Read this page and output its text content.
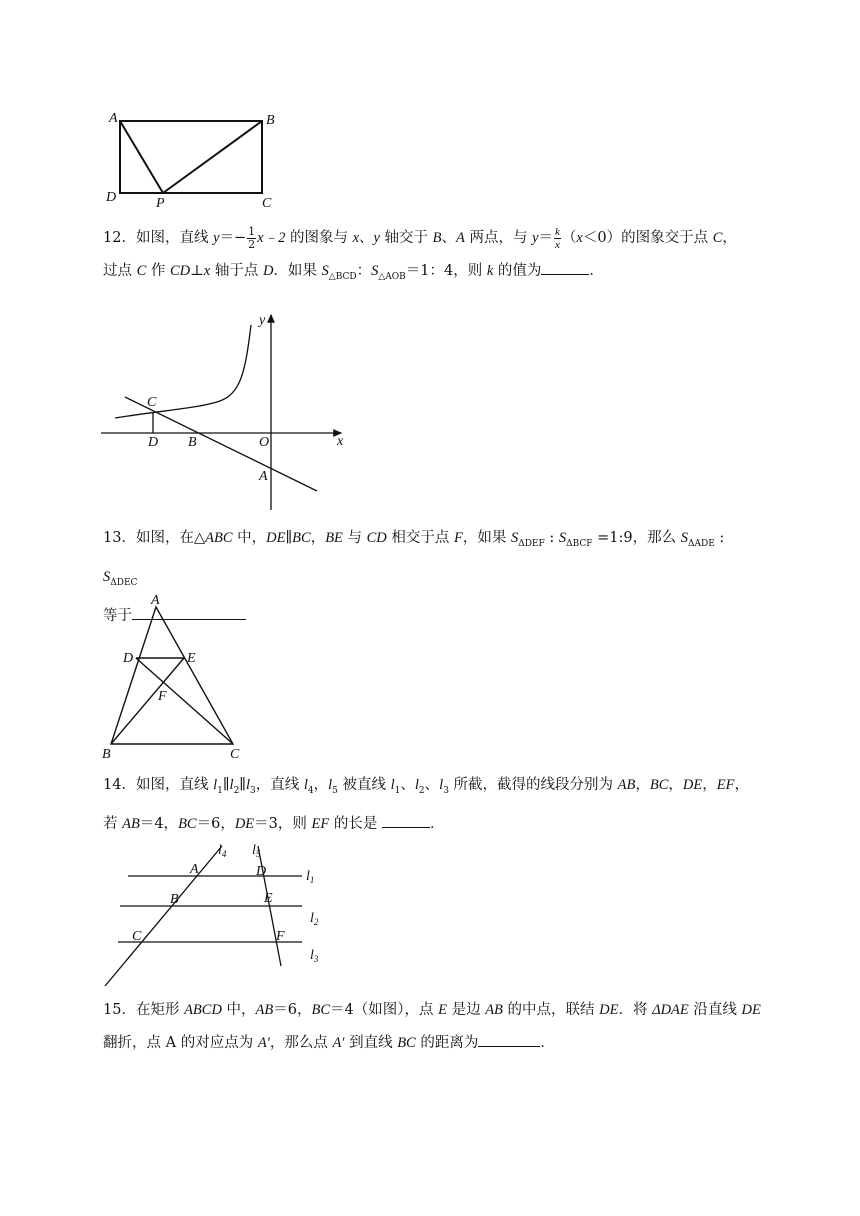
A	B
C
D	P
12．如图，直线 $y=- \frac{1}{2}$ x﹣2 的图象与 x、y 轴交于 B、A 两点，与 $y= \frac{k}{x} (x<0)$的图象交于点 C，
过点 C 作 CD⊥x 轴于点 D．如果 $S_{\triangle BCD}$：$S_{\triangle AOB}=1$：4，则 k 的值为	．
y
C
D B	O	x
A
13．如图，在△ABC 中，DE∥BC，BE 与 CD 相交于点 F，如果 $S_{\Delta DEF}$ : $S_{\Delta BCF}$ =1:9，那么 $S_{\Delta ADE}$ : $S_{\Delta DEC}$
等于
A
D	E
F
B	C
14．如图，直线 $l_1\parallel l_2\parallel l_3$，直线 $l_4$，$l_5$ 被直线 $l_1$、$l_2$、$l_3$ 所截，截得的线段分别为 AB，BC，DE，EF，
若 AB＝4，BC＝6，DE＝3，则 EF 的长是	．
$l_4$ $l_5$
A	D	$l_1$
B	E
$l_2$
C	F
$l_3$
15．在矩形 ABCD 中，AB＝6，BC＝4（如图），点 E 是边 AB 的中点，联结 DE．将 ΔDAE 沿直线 DE
翻折，点 A 的对应点为 A′，那么点 A′ 到直线 BC 的距离为	．
